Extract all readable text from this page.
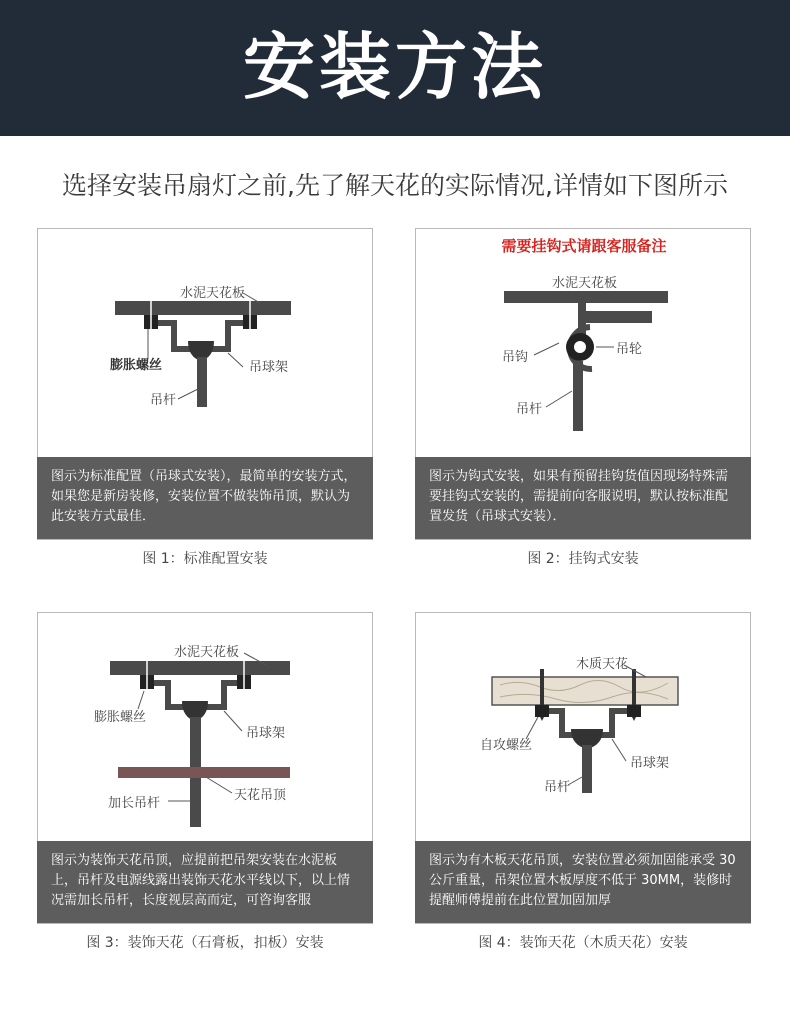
安装方法
选择安装吊扇灯之前,先了解天花的实际情况,详情如下图所示
水泥天花板
膨胀螺丝	吊球架
吊杆
图示为标准配置（吊球式安装），最简单的安装方式，如果您是新房装修，安装位置不做装饰吊顶，默认为此安装方式最佳．
图 1：标准配置安装
需要挂钩式请跟客服备注
水泥天花板
吊钩
吊轮
吊杆
图示为钩式安装，如果有预留挂钩货值因现场特殊需要挂钩式安装的，需提前向客服说明，默认按标准配置发货（吊球式安装）．
图 2：挂钩式安装
水泥天花板
膨胀螺丝
吊球架
加长吊杆
天花吊顶
图示为装饰天花吊顶，应提前把吊架安装在水泥板上，吊杆及电源线露出装饰天花水平线以下，以上情况需加长吊杆，长度视层高而定，可咨询客服
图 3：装饰天花（石膏板，扣板）安装
木质天花
自攻螺丝
吊球架
吊杆
图示为有木板天花吊顶，安装位置必须加固能承受 30 公斤重量，吊架位置木板厚度不低于 30MM，装修时提醒师傅提前在此位置加固加厚
图 4：装饰天花（木质天花）安装
